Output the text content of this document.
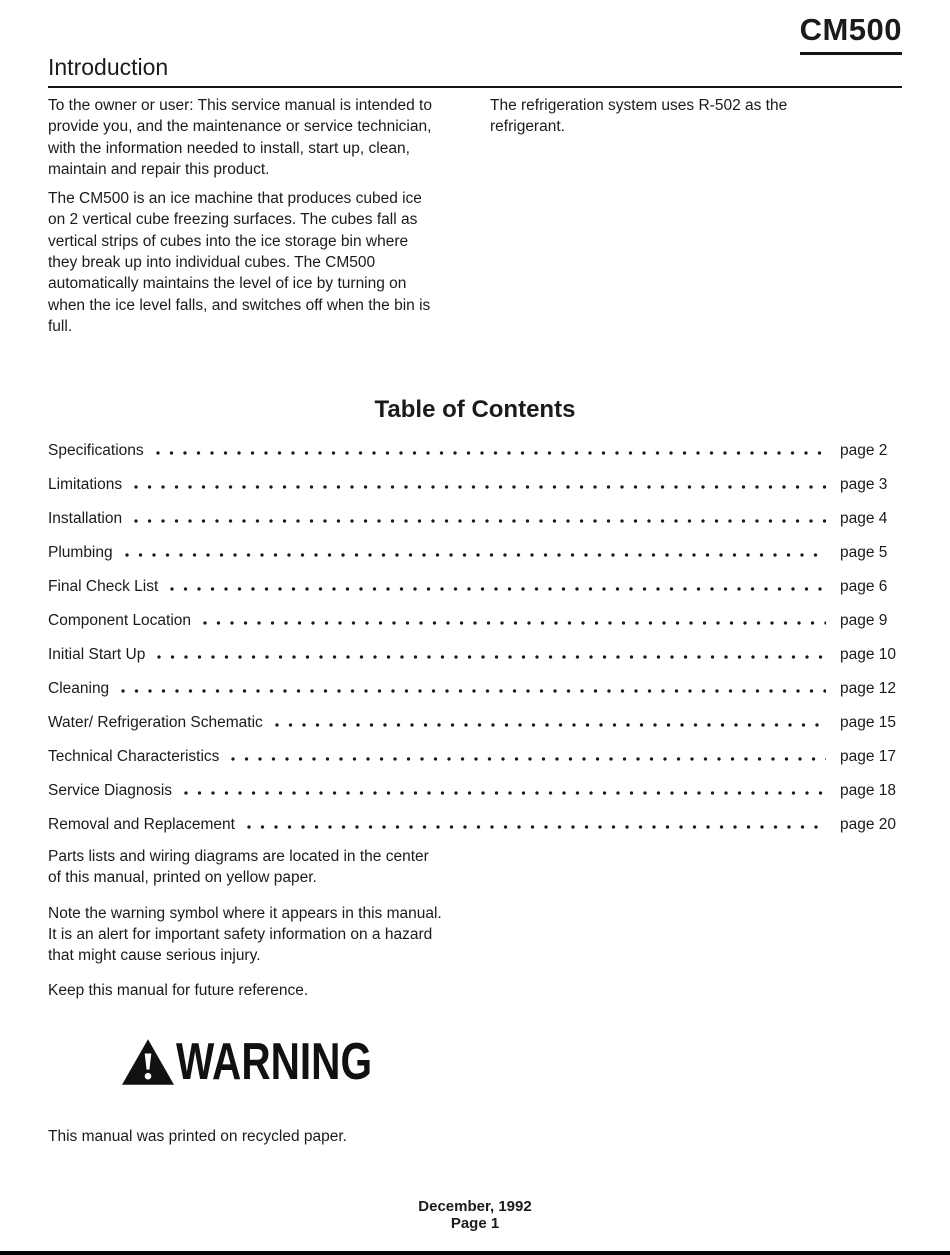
CM500
Introduction

To the owner or user: This service manual is intended to provide you, and the maintenance or service technician, with the information needed to install, start up, clean, maintain and repair this product.

The CM500 is an ice machine that produces cubed ice on 2 vertical cube freezing surfaces. The cubes fall as vertical strips of cubes into the ice storage bin where they break up into individual cubes. The CM500 automatically maintains the level of ice by turning on when the ice level falls, and switches off when the bin is full.

The refrigeration system uses R-502 as the refrigerant.

Table of Contents
Specifications	page 2
Limitations	page 3
Installation	page 4
Plumbing	page 5
Final Check List	page 6
Component Location	page 9
Initial Start Up	page 10
Cleaning	page 12
Water/ Refrigeration Schematic	page 15
Technical Characteristics	page 17
Service Diagnosis	page 18
Removal and Replacement	page 20

Parts lists and wiring diagrams are located in the center of this manual, printed on yellow paper.

Note the warning symbol where it appears in this manual. It is an alert for important safety information on a hazard that might cause serious injury.

Keep this manual for future reference.

WARNING
This manual was printed on recycled paper.
December, 1992
Page 1
